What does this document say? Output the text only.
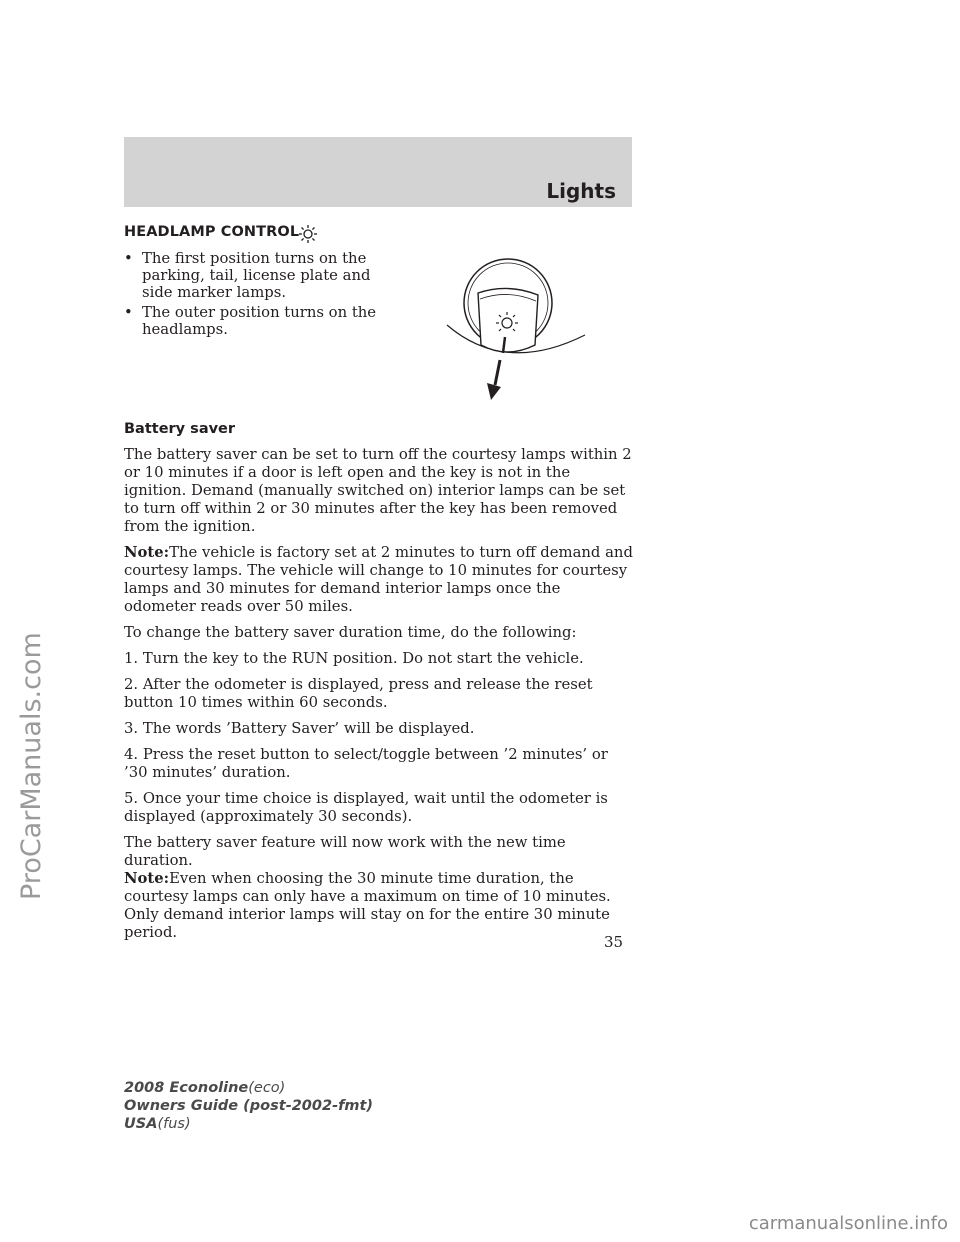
Lights
ProCarManuals.com
HEADLAMP CONTROL
• The first position turns on the parking, tail, license plate and side marker lamps.
• The outer position turns on the headlamps.
Battery saver

The battery saver can be set to turn off the courtesy lamps within 2 or 10 minutes if a door is left open and the key is not in the ignition. Demand (manually switched on) interior lamps can be set to turn off within 2 or 30 minutes after the key has been removed from the ignition.

Note:The vehicle is factory set at 2 minutes to turn off demand and courtesy lamps. The vehicle will change to 10 minutes for courtesy lamps and 30 minutes for demand interior lamps once the odometer reads over 50 miles.

To change the battery saver duration time, do the following:

1. Turn the key to the RUN position. Do not start the vehicle.

2. After the odometer is displayed, press and release the reset button 10 times within 60 seconds.

3. The words ’Battery Saver’ will be displayed.

4. Press the reset button to select/toggle between ’2 minutes’ or ’30 minutes’ duration.

5. Once your time choice is displayed, wait until the odometer is displayed (approximately 30 seconds).

The battery saver feature will now work with the new time duration.

Note:Even when choosing the 30 minute time duration, the courtesy lamps can only have a maximum on time of 10 minutes. Only demand interior lamps will stay on for the entire 30 minute period.

35
2008 Econoline(eco)
Owners Guide (post-2002-fmt)
USA(fus)
carmanualsonline.info
